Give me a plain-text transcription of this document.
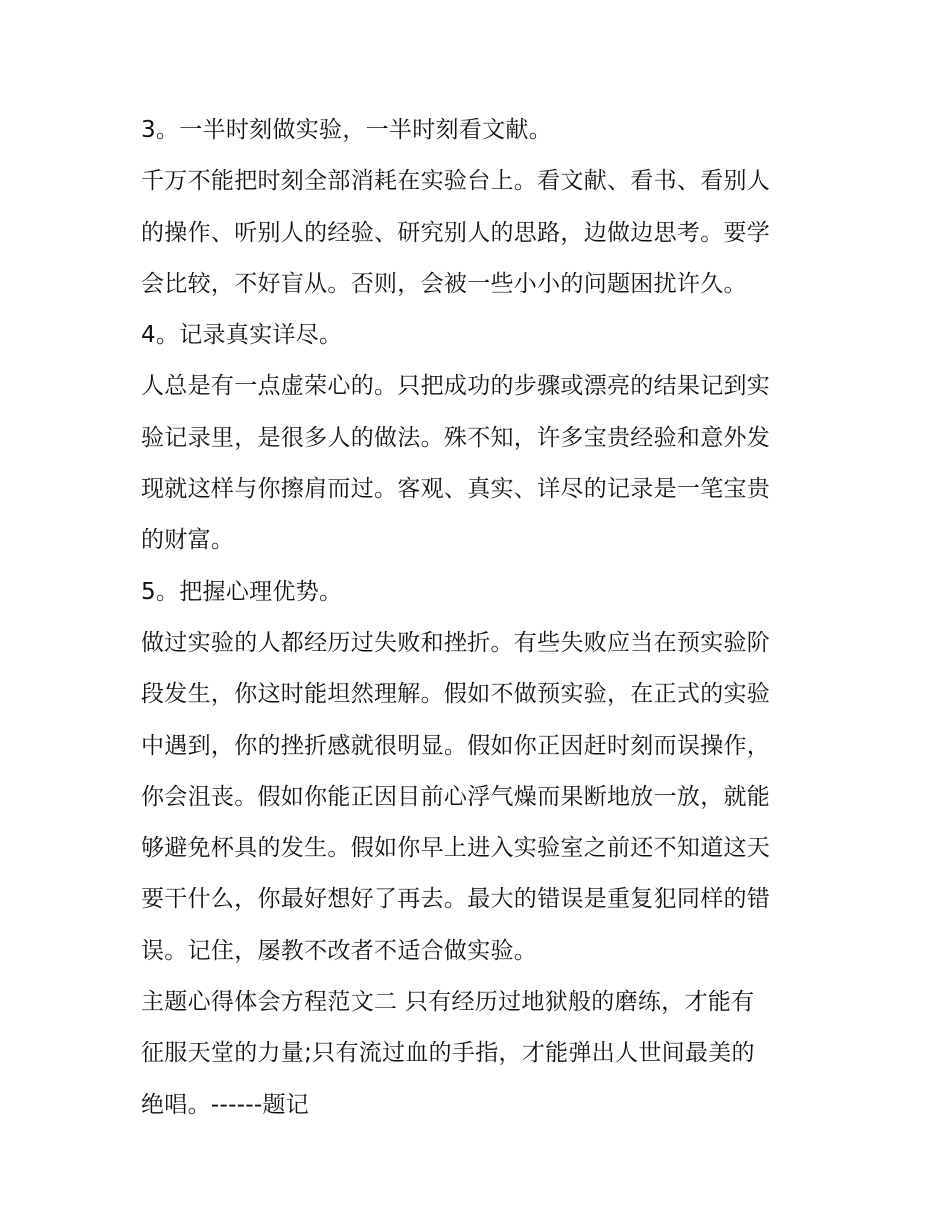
3。一半时刻做实验，一半时刻看文献。
千万不能把时刻全部消耗在实验台上。看文献、看书、看别人
的操作、听别人的经验、研究别人的思路，边做边思考。要学
会比较，不好盲从。否则，会被一些小小的问题困扰许久。
4。记录真实详尽。
人总是有一点虚荣心的。只把成功的步骤或漂亮的结果记到实
验记录里，是很多人的做法。殊不知，许多宝贵经验和意外发
现就这样与你擦肩而过。客观、真实、详尽的记录是一笔宝贵
的财富。
5。把握心理优势。
做过实验的人都经历过失败和挫折。有些失败应当在预实验阶
段发生，你这时能坦然理解。假如不做预实验，在正式的实验
中遇到，你的挫折感就很明显。假如你正因赶时刻而误操作，
你会沮丧。假如你能正因目前心浮气燥而果断地放一放，就能
够避免杯具的发生。假如你早上进入实验室之前还不知道这天
要干什么，你最好想好了再去。最大的错误是重复犯同样的错
误。记住，屡教不改者不适合做实验。
主题心得体会方程范文二 只有经历过地狱般的磨练，才能有
征服天堂的力量;只有流过血的手指，才能弹出人世间最美的
绝唱。------题记
